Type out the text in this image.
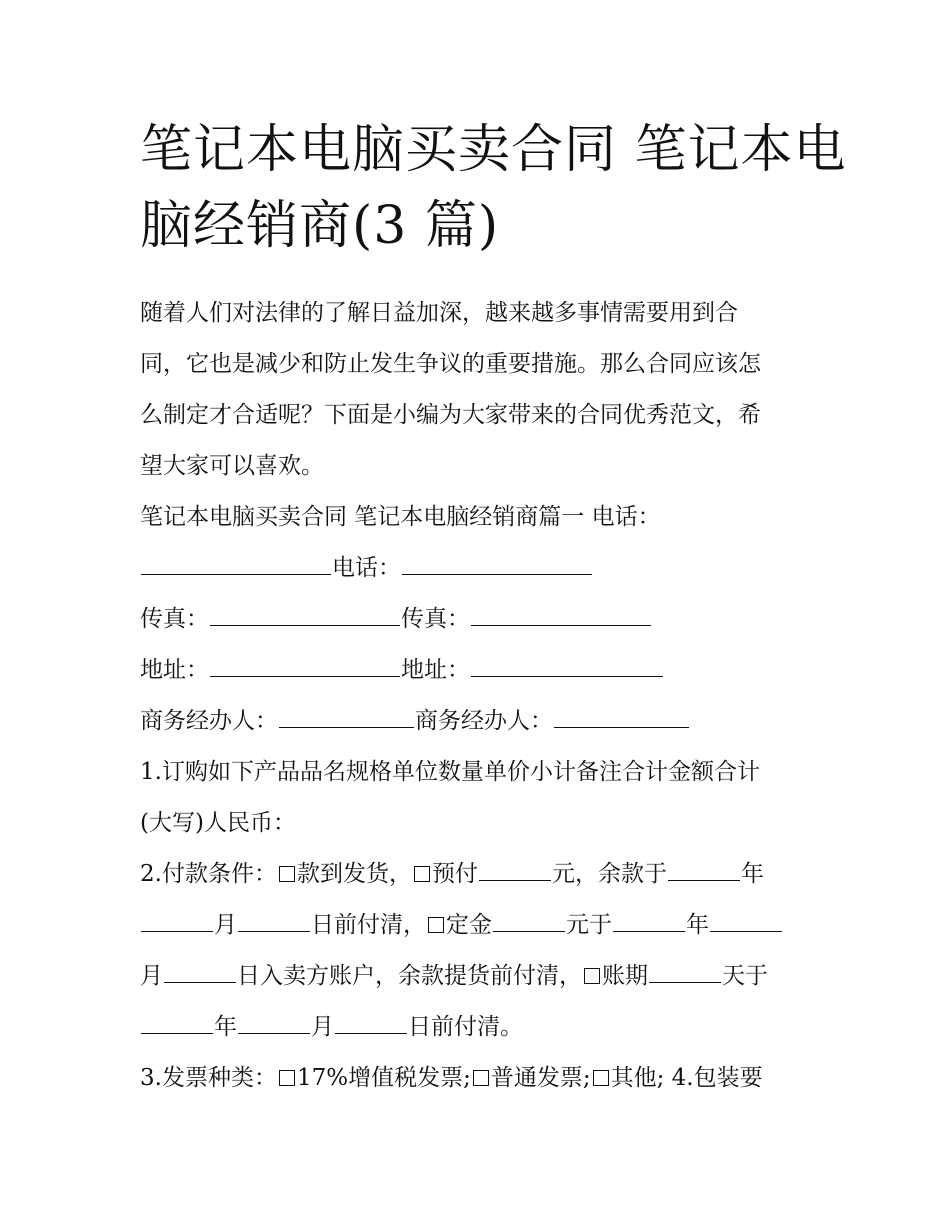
笔记本电脑买卖合同 笔记本电
脑经销商(3 篇)

随着人们对法律的了解日益加深，越来越多事情需要用到合
同，它也是减少和防止发生争议的重要措施。那么合同应该怎
么制定才合适呢？下面是小编为大家带来的合同优秀范文，希
望大家可以喜欢。

笔记本电脑买卖合同 笔记本电脑经销商篇一 电话：

电话：

传真：	传真：

地址：	地址：

商务经办人：	商务经办人：

1.订购如下产品品名规格单位数量单价小计备注合计金额合计
(大写)人民币：

2.付款条件： 款到发货， 预付	元，余款于	年
月	日前付清， 定金	元于	年
月	日入卖方账户，余款提货前付清， 账期	天于
年	月	日前付清。

3.发票种类： 17%增值税发票; 普通发票; 其他; 4.包装要
